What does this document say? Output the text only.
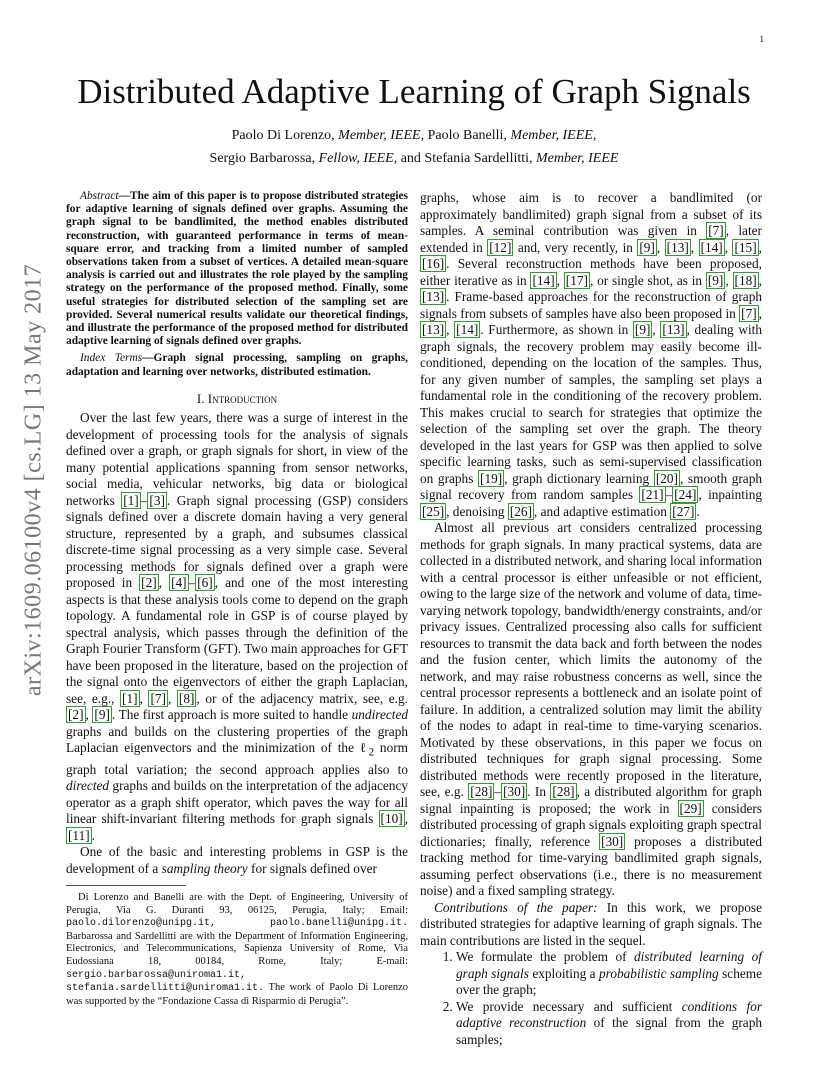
1
arXiv:1609.06100v4 [cs.LG] 13 May 2017
Distributed Adaptive Learning of Graph Signals
Paolo Di Lorenzo, Member, IEEE, Paolo Banelli, Member, IEEE,
Sergio Barbarossa, Fellow, IEEE, and Stefania Sardellitti, Member, IEEE
Abstract—The aim of this paper is to propose distributed strategies for adaptive learning of signals defined over graphs. Assuming the graph signal to be bandlimited, the method enables distributed reconstruction, with guaranteed performance in terms of mean-square error, and tracking from a limited number of sampled observations taken from a subset of vertices. A detailed mean-square analysis is carried out and illustrates the role played by the sampling strategy on the performance of the proposed method. Finally, some useful strategies for distributed selection of the sampling set are provided. Several numerical results validate our theoretical findings, and illustrate the performance of the proposed method for distributed adaptive learning of signals defined over graphs.
Index Terms—Graph signal processing, sampling on graphs, adaptation and learning over networks, distributed estimation.
I. Introduction

Over the last few years, there was a surge of interest in the development of processing tools for the analysis of signals defined over a graph, or graph signals for short, in view of the many potential applications spanning from sensor networks, social media, vehicular networks, big data or biological networks [1] – [3] . Graph signal processing (GSP) considers signals defined over a discrete domain having a very general structure, represented by a graph, and subsumes classical discrete-time signal processing as a very simple case. Several processing methods for signals defined over a graph were proposed in [2] , [4] – [6] , and one of the most interesting aspects is that these analysis tools come to depend on the graph topology. A fundamental role in GSP is of course played by spectral analysis, which passes through the definition of the Graph Fourier Transform (GFT). Two main approaches for GFT have been proposed in the literature, based on the projection of the signal onto the eigenvectors of either the graph Laplacian, see, e.g., [1] , [7] , [8] , or of the adjacency matrix, see, e.g. [2] , [9] . The first approach is more suited to handle undirected graphs and builds on the clustering properties of the graph Laplacian eigenvectors and the minimization of the ℓ$_2$ norm graph total variation; the second approach applies also to directed graphs and builds on the interpretation of the adjacency operator as a graph shift operator, which paves the way for all linear shift-invariant filtering methods for graph signals [10] , [11] .

One of the basic and interesting problems in GSP is the development of a sampling theory for signals defined over

Di Lorenzo and Banelli are with the Dept. of Engineering, University of Perugia, Via G. Duranti 93, 06125, Perugia, Italy; Email: paolo.dilorenzo@unipg.it, paolo.banelli@unipg.it. Barbarossa and Sardellitti are with the Department of Information Engineering, Electronics, and Telecommunications, Sapienza University of Rome, Via Eudossiana 18, 00184, Rome, Italy; E-mail: sergio.barbarossa@uniroma1.it, stefania.sardellitti@uniroma1.it. The work of Paolo Di Lorenzo was supported by the “Fondazione Cassa di Risparmio di Perugia”.

graphs, whose aim is to recover a bandlimited (or approximately bandlimited) graph signal from a subset of its samples. A seminal contribution was given in [7] , later extended in [12] and, very recently, in [9] , [13] , [14] , [15] , [16] . Several reconstruction methods have been proposed, either iterative as in [14] , [17] , or single shot, as in [9] , [18] , [13] . Frame-based approaches for the reconstruction of graph signals from subsets of samples have also been proposed in [7] , [13] , [14] . Furthermore, as shown in [9] , [13] , dealing with graph signals, the recovery problem may easily become ill-conditioned, depending on the location of the samples. Thus, for any given number of samples, the sampling set plays a fundamental role in the conditioning of the recovery problem. This makes crucial to search for strategies that optimize the selection of the sampling set over the graph. The theory developed in the last years for GSP was then applied to solve specific learning tasks, such as semi-supervised classification on graphs [19] , graph dictionary learning [20] , smooth graph signal recovery from random samples [21] – [24] , inpainting [25] , denoising [26] , and adaptive estimation [27] .

Almost all previous art considers centralized processing methods for graph signals. In many practical systems, data are collected in a distributed network, and sharing local information with a central processor is either unfeasible or not efficient, owing to the large size of the network and volume of data, time-varying network topology, bandwidth/energy constraints, and/or privacy issues. Centralized processing also calls for sufficient resources to transmit the data back and forth between the nodes and the fusion center, which limits the autonomy of the network, and may raise robustness concerns as well, since the central processor represents a bottleneck and an isolate point of failure. In addition, a centralized solution may limit the ability of the nodes to adapt in real-time to time-varying scenarios. Motivated by these observations, in this paper we focus on distributed techniques for graph signal processing. Some distributed methods were recently proposed in the literature, see, e.g. [28] – [30] . In [28] , a distributed algorithm for graph signal inpainting is proposed; the work in [29] considers distributed processing of graph signals exploiting graph spectral dictionaries; finally, reference [30] proposes a distributed tracking method for time-varying bandlimited graph signals, assuming perfect observations (i.e., there is no measurement noise) and a fixed sampling strategy.

Contributions of the paper: In this work, we propose distributed strategies for adaptive learning of graph signals. The main contributions are listed in the sequel.

1. We formulate the problem of distributed learning of graph signals exploiting a probabilistic sampling scheme over the graph;
2. We provide necessary and sufficient conditions for adaptive reconstruction of the signal from the graph samples;
